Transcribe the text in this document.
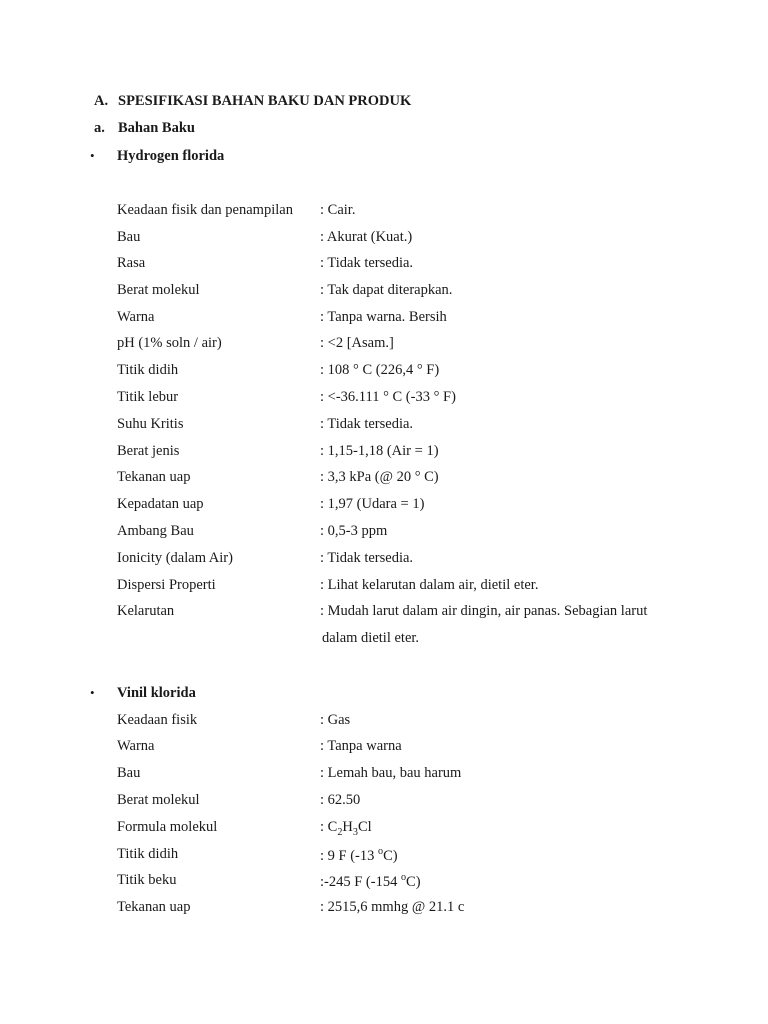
A. SPESIFIKASI BAHAN BAKU DAN PRODUK
a. Bahan Baku
• Hydrogen florida
Keadaan fisik dan penampilan : Cair.
Bau	: Akurat (Kuat.)
Rasa	: Tidak tersedia.
Berat molekul	: Tak dapat diterapkan.
Warna	: Tanpa warna. Bersih
pH (1% soln / air)	: <2 [Asam.]
Titik didih	: 108 ° C (226,4 ° F)
Titik lebur	: <-36.111 ° C (-33 ° F)
Suhu Kritis	: Tidak tersedia.
Berat jenis	: 1,15-1,18 (Air = 1)
Tekanan uap	: 3,3 kPa (@ 20 ° C)
Kepadatan uap	: 1,97 (Udara = 1)
Ambang Bau	: 0,5-3 ppm
Ionicity (dalam Air)	: Tidak tersedia.
Dispersi Properti	: Lihat kelarutan dalam air, dietil eter.
Kelarutan	: Mudah larut dalam air dingin, air panas. Sebagian larut
dalam dietil eter.
• Vinil klorida
Keadaan fisik	: Gas
Warna	: Tanpa warna
Bau	: Lemah bau, bau harum
Berat molekul	: 62.50
Formula molekul	: $C_2H_3Cl$
Titik didih	: 9 F (-13 $^o$C)
Titik beku	:-245 F (-154 $^o$C)
Tekanan uap	: 2515,6 mmhg @ 21.1 c
